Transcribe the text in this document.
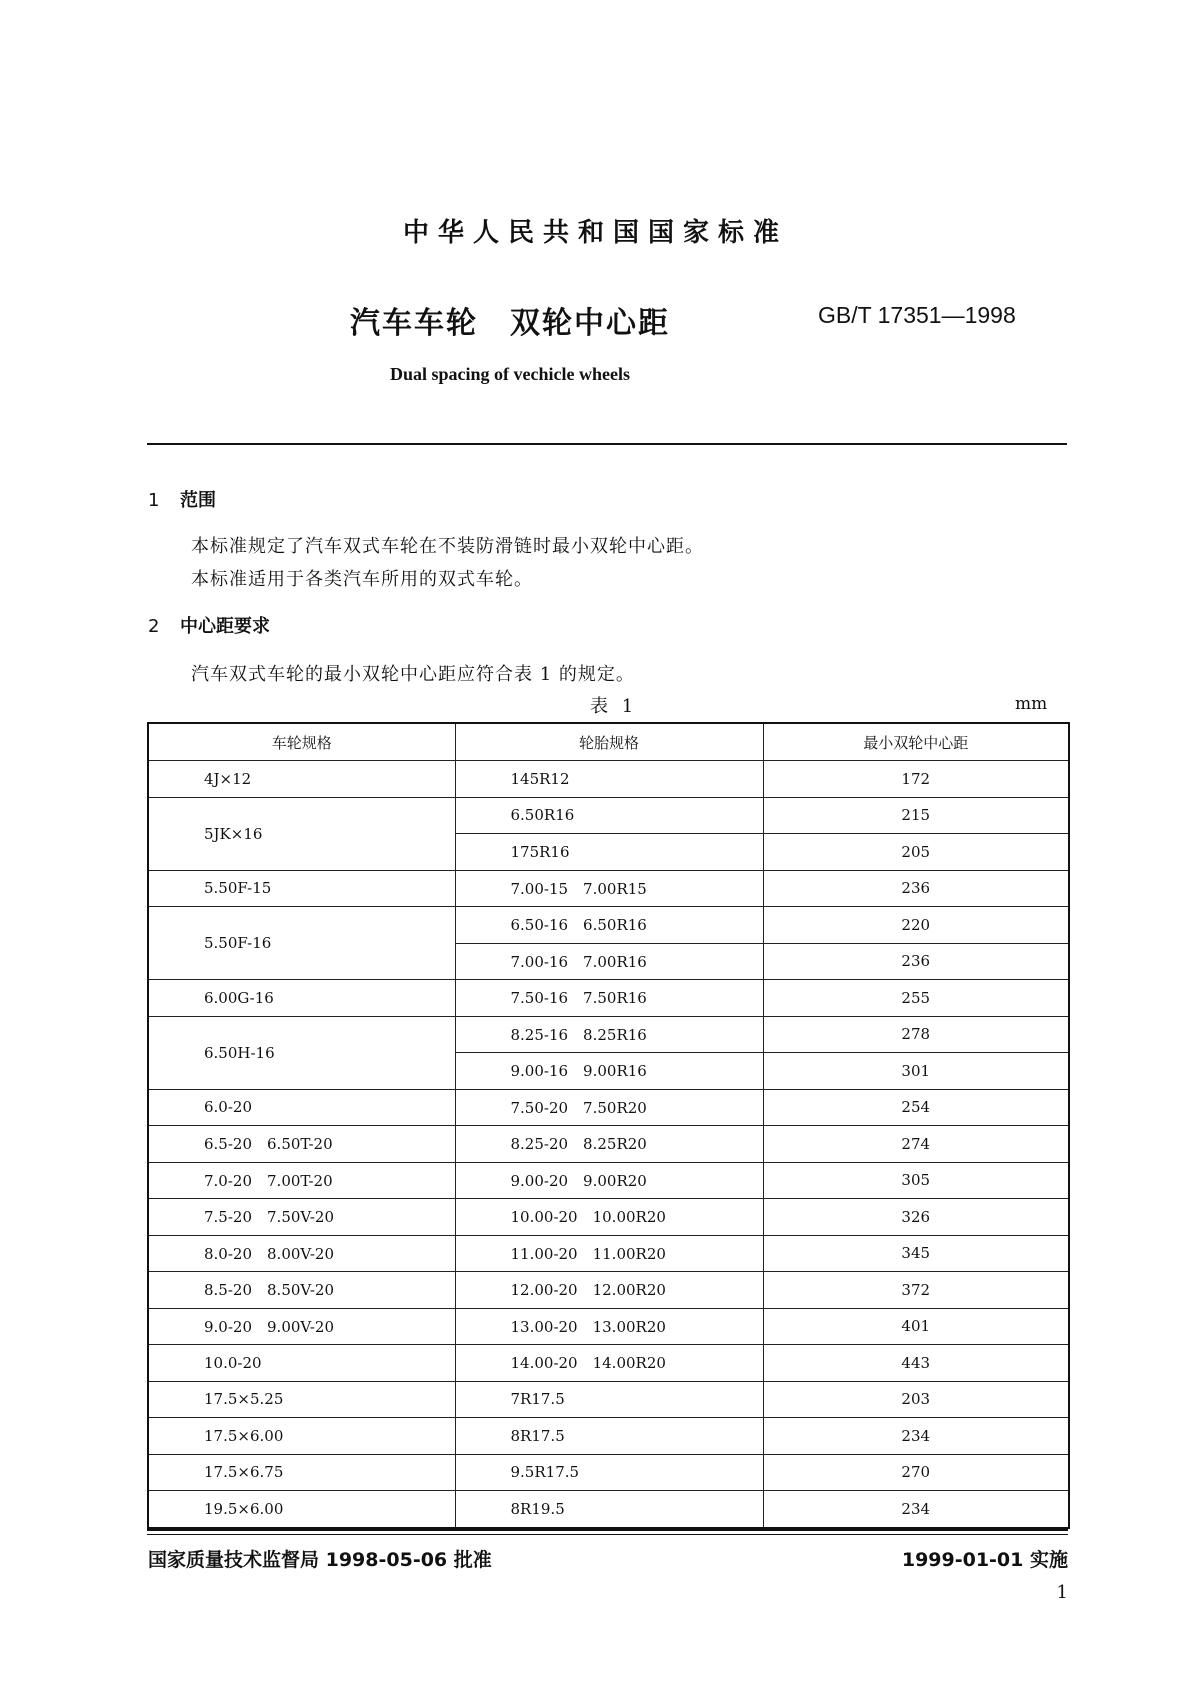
中华人民共和国国家标准
汽车车轮　双轮中心距	GB/T 17351—1998
Dual spacing of vechicle wheels
1 范围
本标准规定了汽车双式车轮在不装防滑链时最小双轮中心距。
本标准适用于各类汽车所用的双式车轮。
2 中心距要求
汽车双式车轮的最小双轮中心距应符合表 1 的规定。
表 1	mm
车轮规格	轮胎规格	最小双轮中心距
4J×12	145R12	172
5JK×16	6.50R16	215
	175R16	205
5.50F-15	7.00-15　7.00R15	236
5.50F-16	6.50-16　6.50R16	220
	7.00-16　7.00R16	236
6.00G-16	7.50-16　7.50R16	255
6.50H-16	8.25-16　8.25R16	278
	9.00-16　9.00R16	301
6.0-20	7.50-20　7.50R20	254
6.5-20　6.50T-20	8.25-20　8.25R20	274
7.0-20　7.00T-20	9.00-20　9.00R20	305
7.5-20　7.50V-20	10.00-20　10.00R20	326
8.0-20　8.00V-20	11.00-20　11.00R20	345
8.5-20　8.50V-20	12.00-20　12.00R20	372
9.0-20　9.00V-20	13.00-20　13.00R20	401
10.0-20	14.00-20　14.00R20	443
17.5×5.25	7R17.5	203
17.5×6.00	8R17.5	234
17.5×6.75	9.5R17.5	270
19.5×6.00	8R19.5	234
国家质量技术监督局 1998-05-06 批准	1999-01-01 实施
1
